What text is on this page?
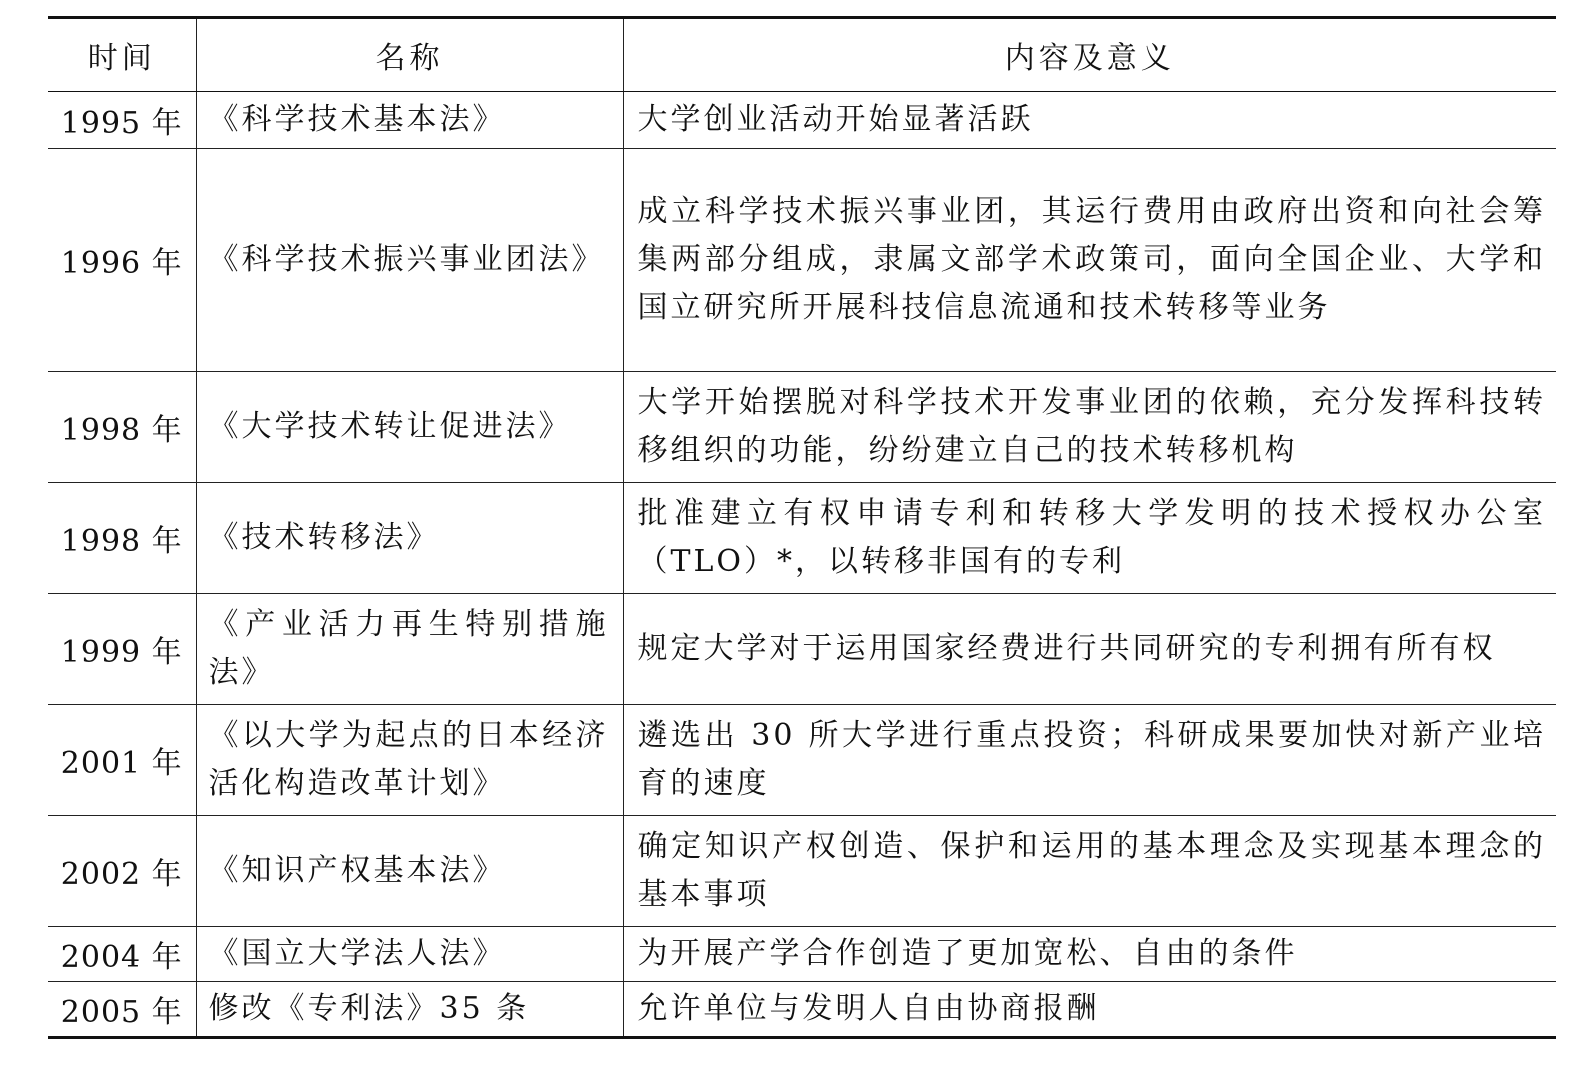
时间	名称	内容及意义
1995 年	《科学技术基本法》	大学创业活动开始显著活跃
1996 年	《科学技术振兴事业团法》	成立科学技术振兴事业团，其运行费用由政府出资和向社会筹集两部分组成，隶属文部学术政策司，面向全国企业、大学和国立研究所开展科技信息流通和技术转移等业务
1998 年	《大学技术转让促进法》	大学开始摆脱对科学技术开发事业团的依赖，充分发挥科技转移组织的功能，纷纷建立自己的技术转移机构
1998 年	《技术转移法》	批准建立有权申请专利和转移大学发明的技术授权办公室（TLO）*，以转移非国有的专利
1999 年	《产业活力再生特别措施法》	规定大学对于运用国家经费进行共同研究的专利拥有所有权
2001 年	《以大学为起点的日本经济活化构造改革计划》	遴选出 30 所大学进行重点投资；科研成果要加快对新产业培育的速度
2002 年	《知识产权基本法》	确定知识产权创造、保护和运用的基本理念及实现基本理念的基本事项
2004 年	《国立大学法人法》	为开展产学合作创造了更加宽松、自由的条件
2005 年	修改《专利法》35 条	允许单位与发明人自由协商报酬
